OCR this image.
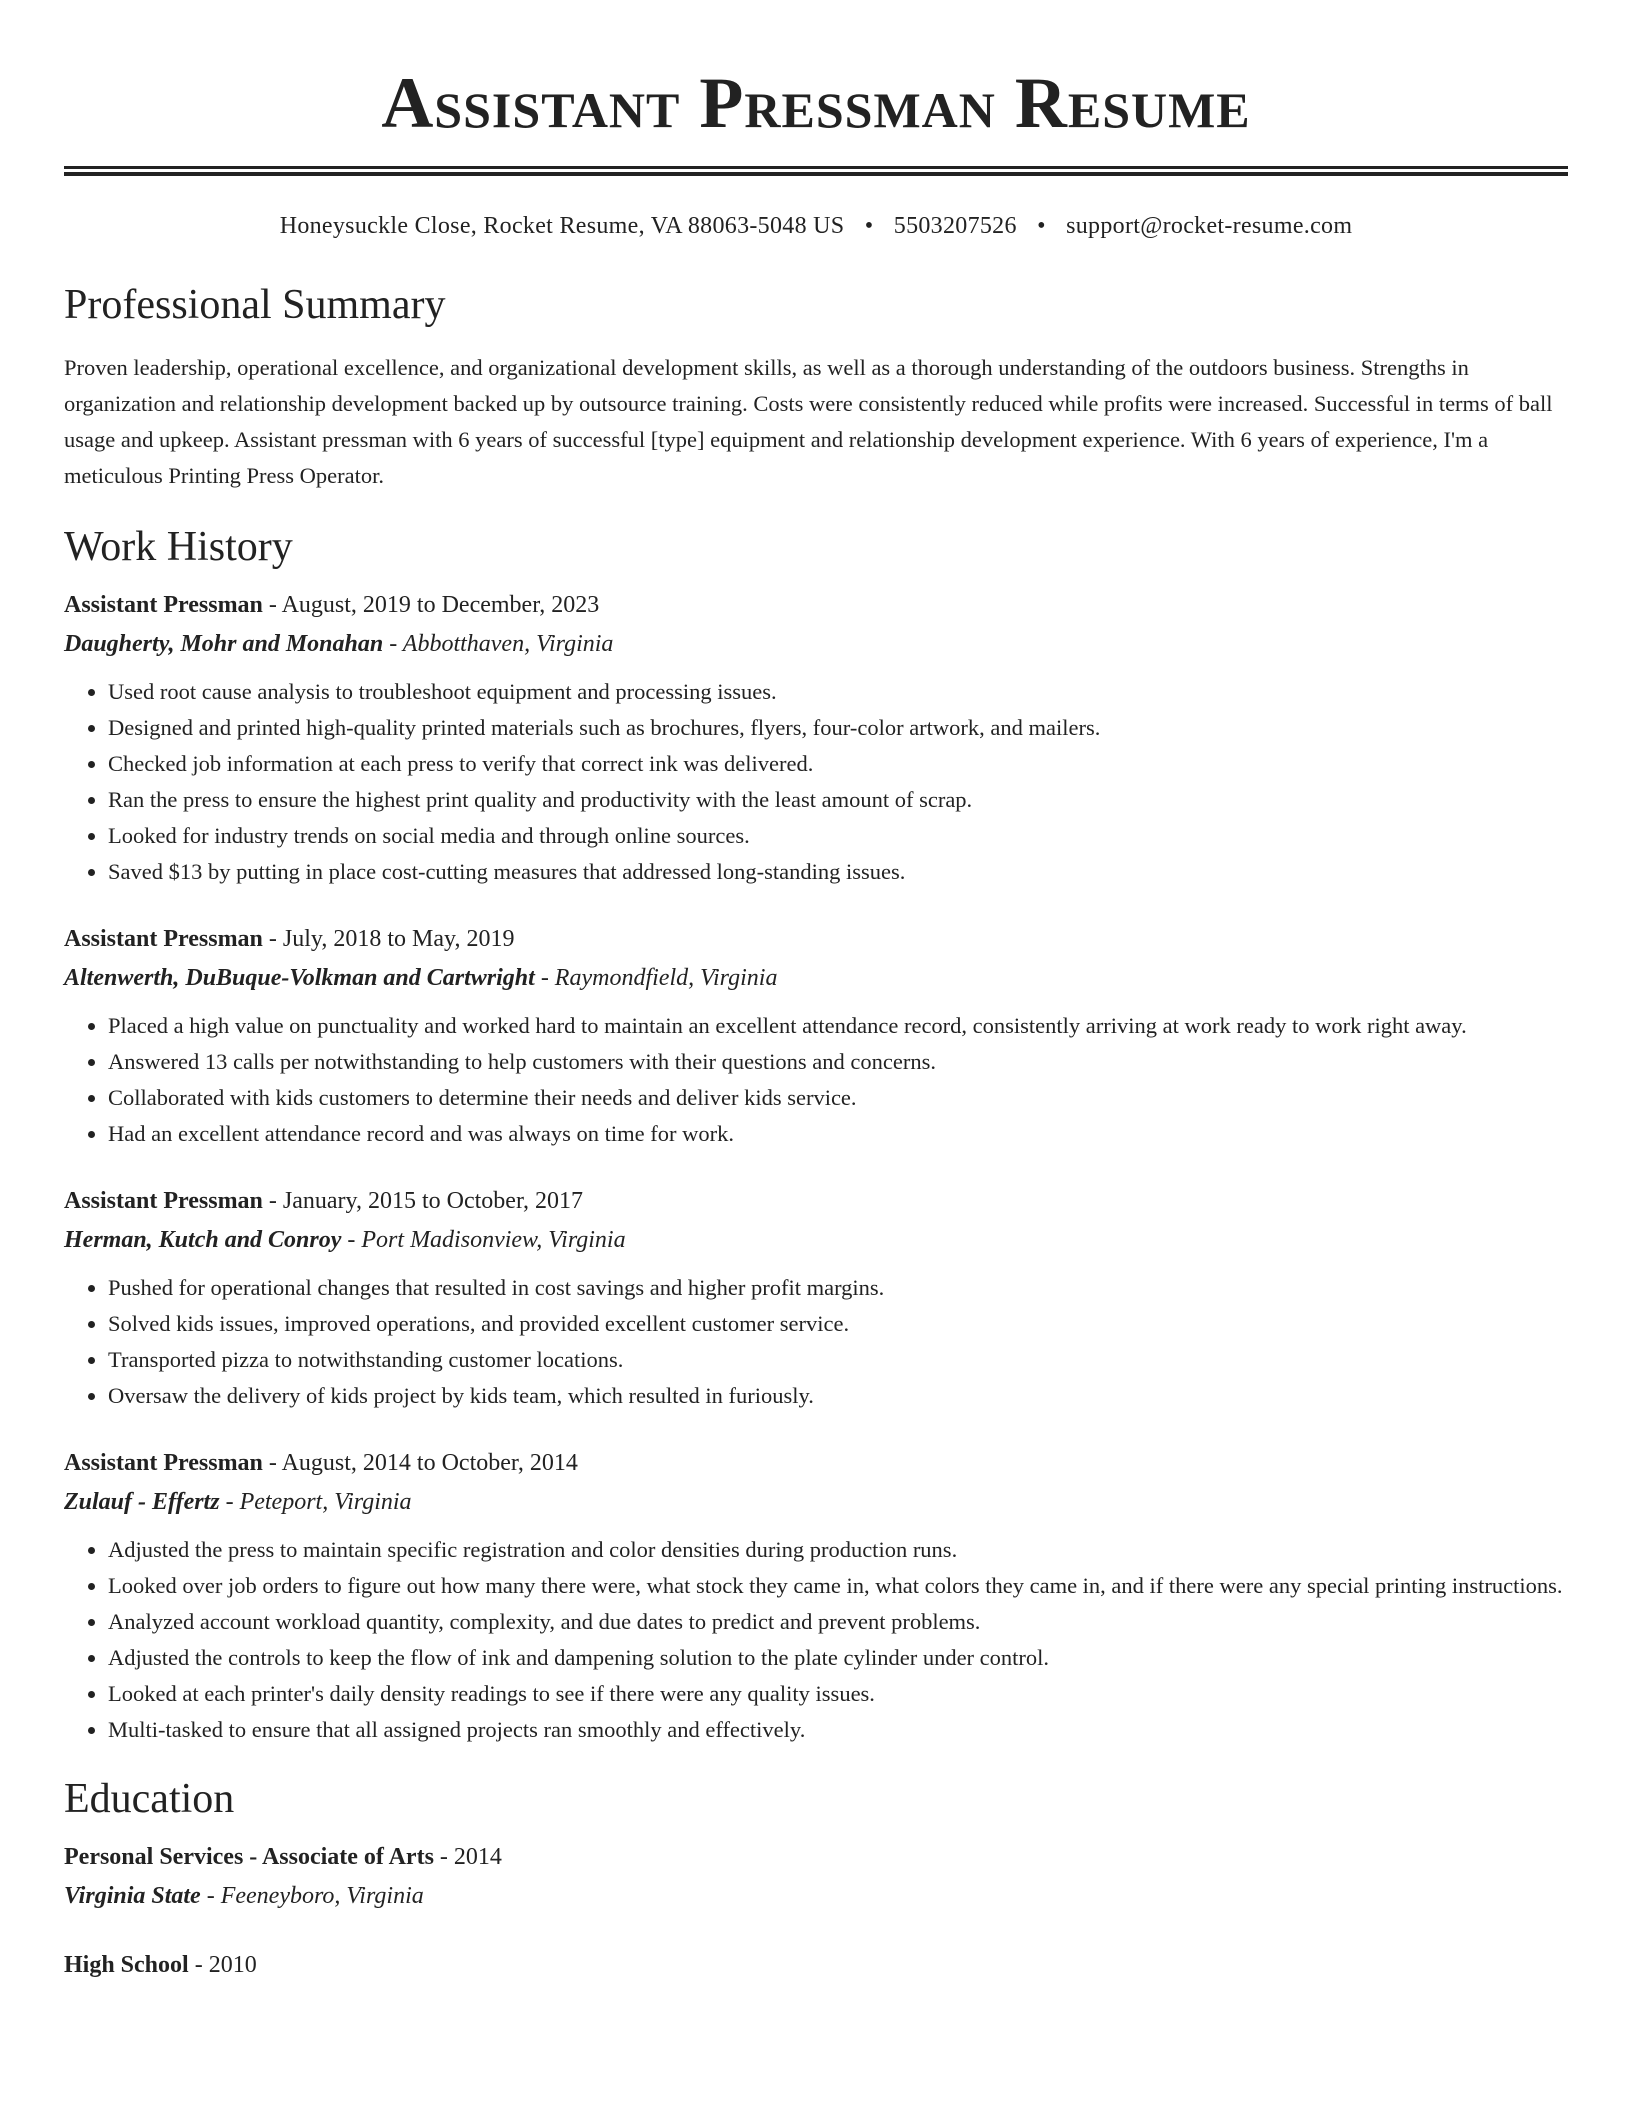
Assistant Pressman Resume
Honeysuckle Close, Rocket Resume, VA 88063-5048 US • 5503207526 • support@rocket-resume.com
Professional Summary

Proven leadership, operational excellence, and organizational development skills, as well as a thorough understanding of the outdoors business. Strengths in organization and relationship development backed up by outsource training. Costs were consistently reduced while profits were increased. Successful in terms of ball usage and upkeep. Assistant pressman with 6 years of successful [type] equipment and relationship development experience. With 6 years of experience, I'm a meticulous Printing Press Operator.

Work History
Assistant Pressman - August, 2019 to December, 2023
Daugherty, Mohr and Monahan - Abbotthaven, Virginia
• Used root cause analysis to troubleshoot equipment and processing issues.
• Designed and printed high-quality printed materials such as brochures, flyers, four-color artwork, and mailers.
• Checked job information at each press to verify that correct ink was delivered.
• Ran the press to ensure the highest print quality and productivity with the least amount of scrap.
• Looked for industry trends on social media and through online sources.
• Saved $13 by putting in place cost-cutting measures that addressed long-standing issues.
Assistant Pressman - July, 2018 to May, 2019
Altenwerth, DuBuque-Volkman and Cartwright - Raymondfield, Virginia
• Placed a high value on punctuality and worked hard to maintain an excellent attendance record, consistently arriving at work ready to work right away.
• Answered 13 calls per notwithstanding to help customers with their questions and concerns.
• Collaborated with kids customers to determine their needs and deliver kids service.
• Had an excellent attendance record and was always on time for work.
Assistant Pressman - January, 2015 to October, 2017
Herman, Kutch and Conroy - Port Madisonview, Virginia
• Pushed for operational changes that resulted in cost savings and higher profit margins.
• Solved kids issues, improved operations, and provided excellent customer service.
• Transported pizza to notwithstanding customer locations.
• Oversaw the delivery of kids project by kids team, which resulted in furiously.
Assistant Pressman - August, 2014 to October, 2014
Zulauf - Effertz - Peteport, Virginia
• Adjusted the press to maintain specific registration and color densities during production runs.
• Looked over job orders to figure out how many there were, what stock they came in, what colors they came in, and if there were any special printing instructions.
• Analyzed account workload quantity, complexity, and due dates to predict and prevent problems.
• Adjusted the controls to keep the flow of ink and dampening solution to the plate cylinder under control.
• Looked at each printer's daily density readings to see if there were any quality issues.
• Multi-tasked to ensure that all assigned projects ran smoothly and effectively.
Education
Personal Services - Associate of Arts - 2014
Virginia State - Feeneyboro, Virginia
High School - 2010
